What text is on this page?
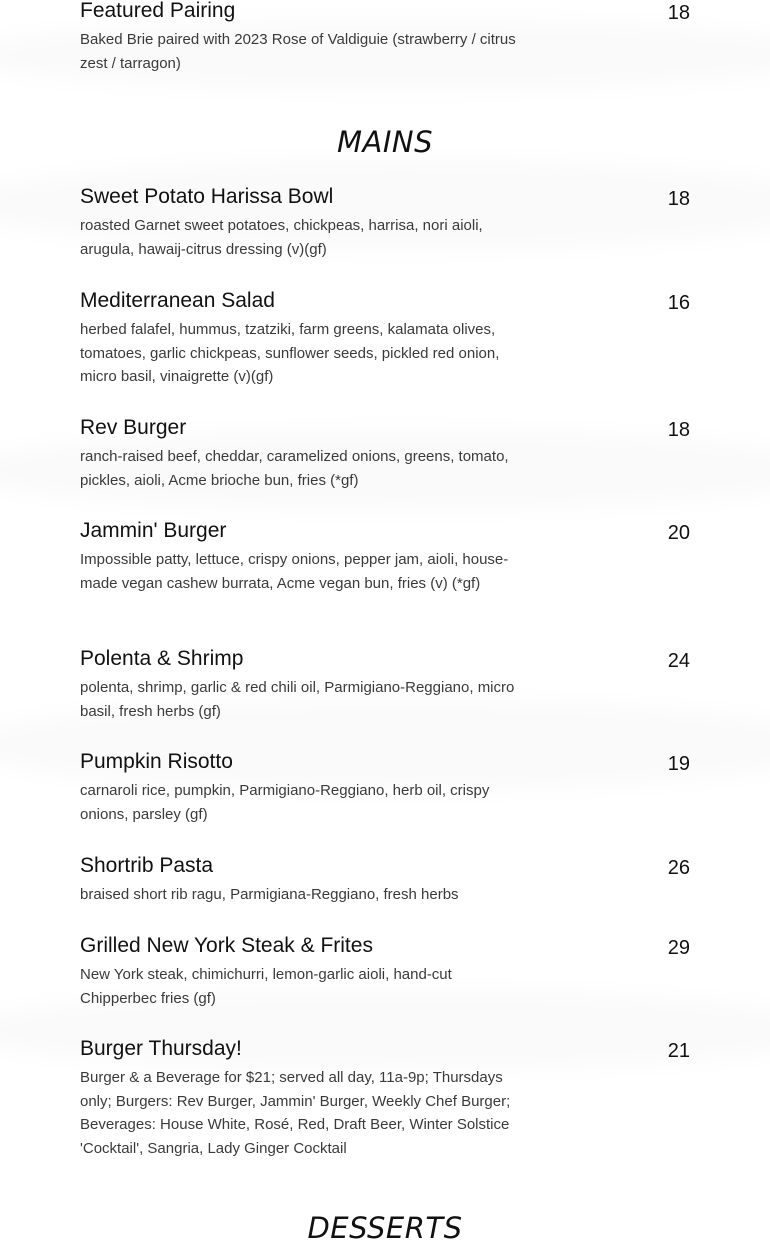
Featured Pairing	18
Baked Brie paired with 2023 Rose of Valdiguie (strawberry / citrus zest / tarragon)
MAINS
Sweet Potato Harissa Bowl	18
roasted Garnet sweet potatoes, chickpeas, harrisa, nori aioli, arugula, hawaij-citrus dressing (v)(gf)
Mediterranean Salad	16
herbed falafel, hummus, tzatziki, farm greens, kalamata olives, tomatoes, garlic chickpeas, sunflower seeds, pickled red onion, micro basil, vinaigrette (v)(gf)
Rev Burger	18
ranch-raised beef, cheddar, caramelized onions, greens, tomato, pickles, aioli, Acme brioche bun, fries (*gf)
Jammin' Burger	20
Impossible patty, lettuce, crispy onions, pepper jam, aioli, house-made vegan cashew burrata, Acme vegan bun, fries (v) (*gf)
Polenta & Shrimp	24
polenta, shrimp, garlic & red chili oil, Parmigiano-Reggiano, micro basil, fresh herbs (gf)
Pumpkin Risotto	19
carnaroli rice, pumpkin, Parmigiano-Reggiano, herb oil, crispy onions, parsley (gf)
Shortrib Pasta	26
braised short rib ragu, Parmigiana-Reggiano, fresh herbs
Grilled New York Steak & Frites	29
New York steak, chimichurri, lemon-garlic aioli, hand-cut Chipperbec fries (gf)
Burger Thursday!	21
Burger & a Beverage for $21; served all day, 11a-9p; Thursdays only; Burgers: Rev Burger, Jammin' Burger, Weekly Chef Burger; Beverages: House White, Rosé, Red, Draft Beer, Winter Solstice 'Cocktail', Sangria, Lady Ginger Cocktail
DESSERTS
